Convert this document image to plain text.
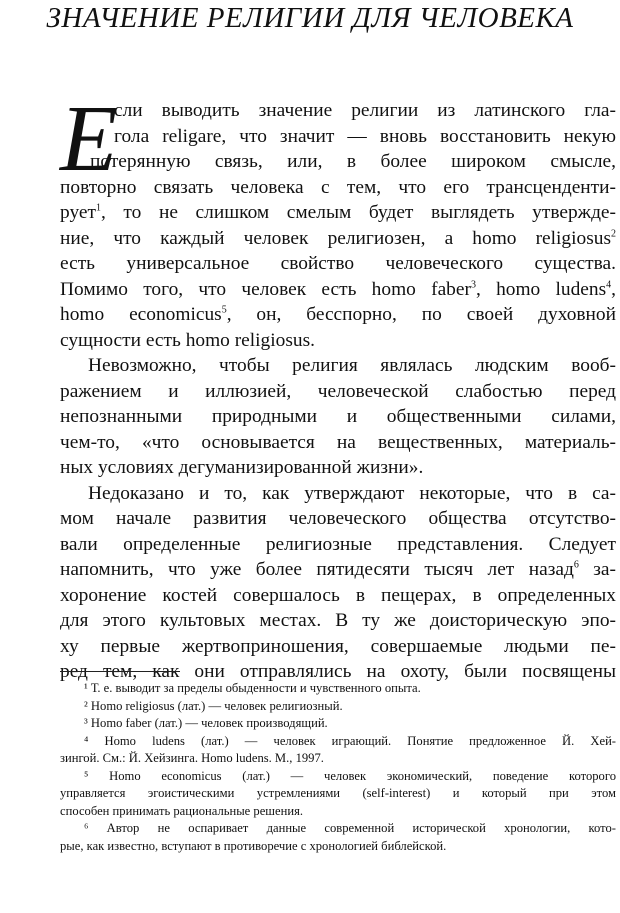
ЗНАЧЕНИЕ РЕЛИГИИ ДЛЯ ЧЕЛОВЕКА
Е
сли выводить значение религии из латинского гла-
гола religare, что значит — вновь восстановить некую
потерянную связь, или, в более широком смысле,
повторно связать человека с тем, что его трансценденти-
рует$^1$, то не слишком смелым будет выглядеть утвержде-
ние, что каждый человек религиозен, а homo religiosus$^2$
есть универсальное свойство человеческого существа.
Помимо того, что человек есть homo faber$^3$, homo ludens$^4$,
homo economicus$^5$, он, бесспорно, по своей духовной
сущности есть homo religiosus.
Невозможно, чтобы религия являлась людским вооб-
ражением и иллюзией, человеческой слабостью перед
непознанными природными и общественными силами,
чем-то, «что основывается на вещественных, материаль-
ных условиях дегуманизированной жизни».
Недоказано и то, как утверждают некоторые, что в са-
мом начале развития человеческого общества отсутство-
вали определенные религиозные представления. Следует
напомнить, что уже более пятидесяти тысяч лет назад$^6$ за-
хоронение костей совершалось в пещерах, в определенных
для этого культовых местах. В ту же доисторическую эпо-
ху первые жертвоприношения, совершаемые людьми пе-
ред тем, как они отправлялись на охоту, были посвящены
¹ Т. е. выводит за пределы обыденности и чувственного опыта.
² Homo religiosus (лат.) — человек религиозный.
³ Homo faber (лат.) — человек производящий.
⁴ Homo ludens (лат.) — человек играющий. Понятие предложенное Й. Хей-
зингой. См.: Й. Хейзинга. Homo ludens. М., 1997.
⁵ Homo economicus (лат.) — человек экономический, поведение которого
управляется эгоистическими устремлениями (self-interest) и который при этом
способен принимать рациональные решения.
⁶ Автор не оспаривает данные современной исторической хронологии, кото-
рые, как известно, вступают в противоречие с хронологией библейской.
